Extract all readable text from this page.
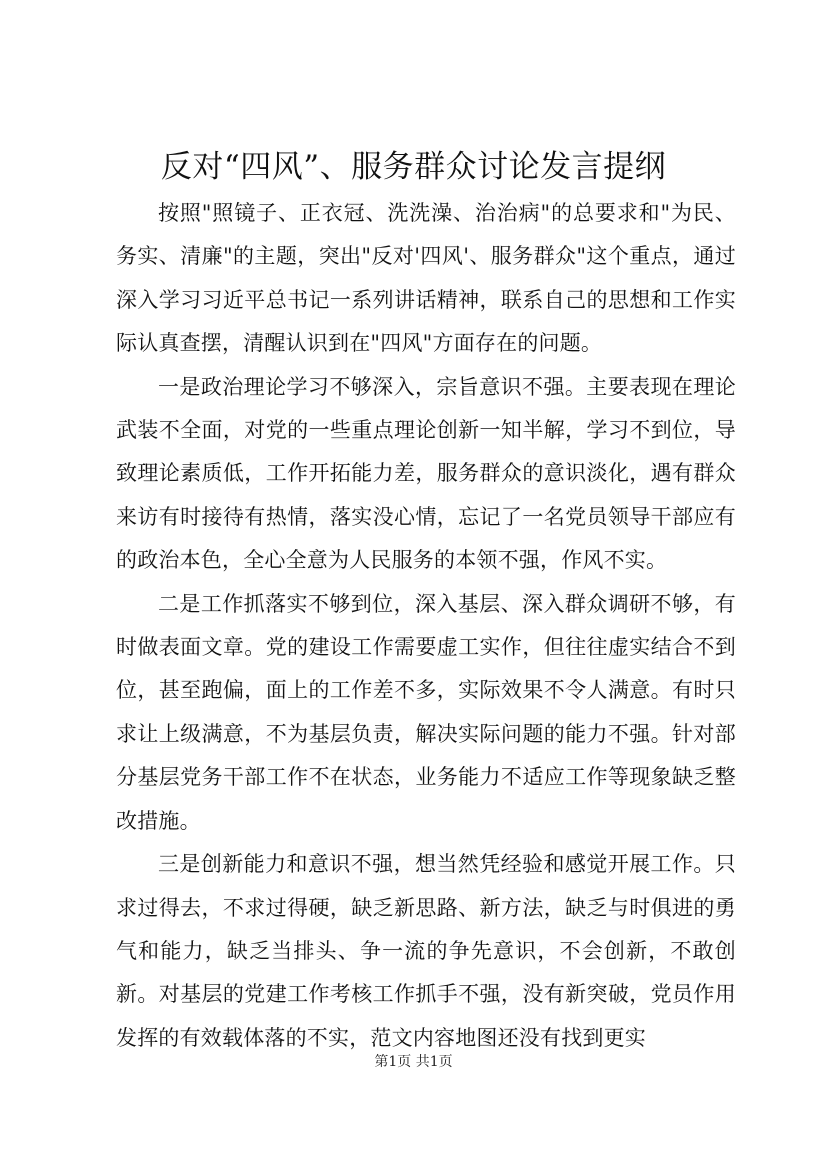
反对“四风”、服务群众讨论发言提纲

按照"照镜子、正衣冠、洗洗澡、治治病"的总要求和"为民、务实、清廉"的主题，突出"反对'四风'、服务群众"这个重点，通过深入学习习近平总书记一系列讲话精神，联系自己的思想和工作实际认真查摆，清醒认识到在"四风"方面存在的问题。

一是政治理论学习不够深入，宗旨意识不强。主要表现在理论武装不全面，对党的一些重点理论创新一知半解，学习不到位，导致理论素质低，工作开拓能力差，服务群众的意识淡化，遇有群众来访有时接待有热情，落实没心情，忘记了一名党员领导干部应有的政治本色，全心全意为人民服务的本领不强，作风不实。

二是工作抓落实不够到位，深入基层、深入群众调研不够，有时做表面文章。党的建设工作需要虚工实作，但往往虚实结合不到位，甚至跑偏，面上的工作差不多，实际效果不令人满意。有时只求让上级满意，不为基层负责，解决实际问题的能力不强。针对部分基层党务干部工作不在状态，业务能力不适应工作等现象缺乏整改措施。

三是创新能力和意识不强，想当然凭经验和感觉开展工作。只求过得去，不求过得硬，缺乏新思路、新方法，缺乏与时俱进的勇气和能力，缺乏当排头、争一流的争先意识，不会创新，不敢创新。对基层的党建工作考核工作抓手不强，没有新突破，党员作用发挥的有效载体落的不实，范文内容地图还没有找到更实

第1页 共1页
